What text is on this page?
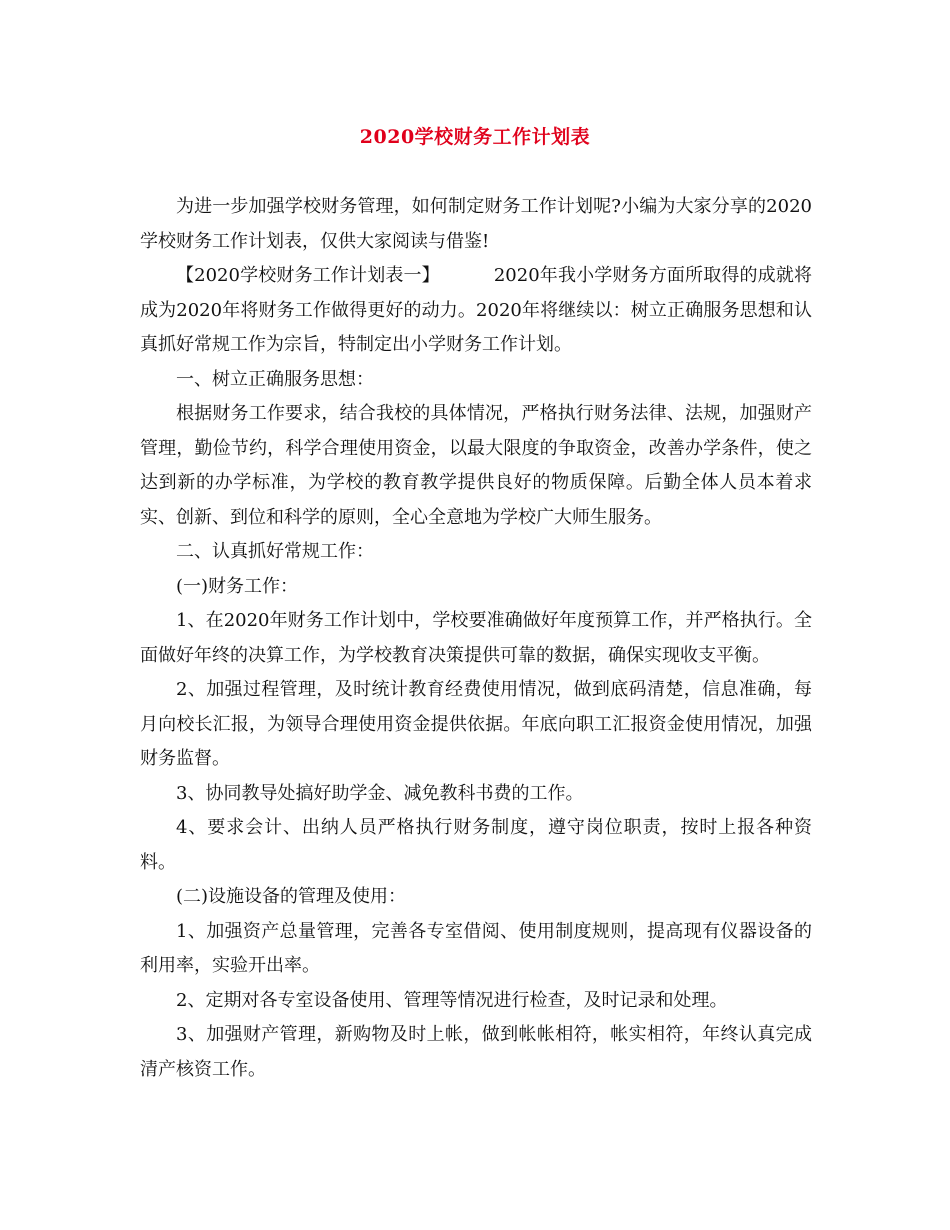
2020学校财务工作计划表

为进一步加强学校财务管理，如何制定财务工作计划呢?小编为大家分享的2020学校财务工作计划表，仅供大家阅读与借鉴!

【2020学校财务工作计划表一】	2020年我小学财务方面所取得的成就将成为2020年将财务工作做得更好的动力。2020年将继续以：树立正确服务思想和认真抓好常规工作为宗旨，特制定出小学财务工作计划。

一、树立正确服务思想：

根据财务工作要求，结合我校的具体情况，严格执行财务法律、法规，加强财产管理，勤俭节约，科学合理使用资金，以最大限度的争取资金，改善办学条件，使之达到新的办学标准，为学校的教育教学提供良好的物质保障。后勤全体人员本着求实、创新、到位和科学的原则，全心全意地为学校广大师生服务。

二、认真抓好常规工作：

(一)财务工作：

1、在2020年财务工作计划中，学校要准确做好年度预算工作，并严格执行。全面做好年终的决算工作，为学校教育决策提供可靠的数据，确保实现收支平衡。

2、加强过程管理，及时统计教育经费使用情况，做到底码清楚，信息准确，每月向校长汇报，为领导合理使用资金提供依据。年底向职工汇报资金使用情况，加强财务监督。

3、协同教导处搞好助学金、减免教科书费的工作。

4、要求会计、出纳人员严格执行财务制度，遵守岗位职责，按时上报各种资料。

(二)设施设备的管理及使用：

1、加强资产总量管理，完善各专室借阅、使用制度规则，提高现有仪器设备的利用率，实验开出率。

2、定期对各专室设备使用、管理等情况进行检查，及时记录和处理。

3、加强财产管理，新购物及时上帐，做到帐帐相符，帐实相符，年终认真完成清产核资工作。
